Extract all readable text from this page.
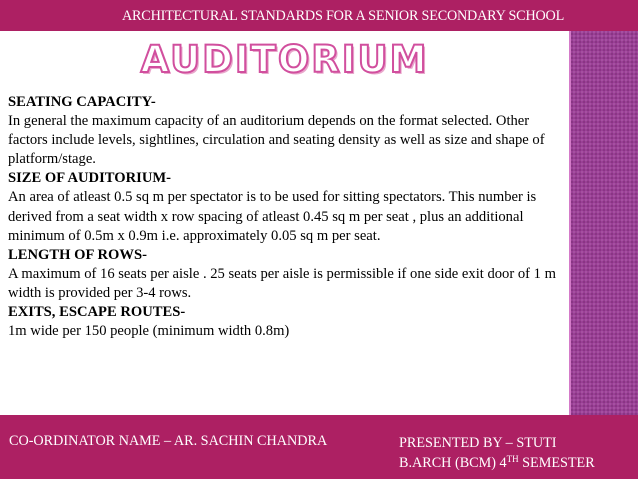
ARCHITECTURAL STANDARDS FOR A SENIOR SECONDARY SCHOOL
AUDITORIUM

SEATING CAPACITY-

In general the maximum capacity of an auditorium depends on the format selected. Other factors include levels, sightlines, circulation and seating density as well as size and shape of platform/stage.

SIZE OF AUDITORIUM-

An area of atleast 0.5 sq m per spectator is to be used for sitting spectators. This number is derived from a seat width x row spacing of atleast 0.45 sq m per seat , plus an additional minimum of 0.5m x 0.9m i.e. approximately 0.05 sq m per seat.

LENGTH OF ROWS-

A maximum of 16 seats per aisle . 25 seats per aisle is permissible if one side exit door of 1 m width is provided per 3-4 rows.

EXITS, ESCAPE ROUTES-

1m wide per 150 people (minimum width 0.8m)

CO-ORDINATOR NAME – AR. SACHIN CHANDRA	PRESENTED BY – STUTI
B.ARCH (BCM) 4TH SEMESTER
